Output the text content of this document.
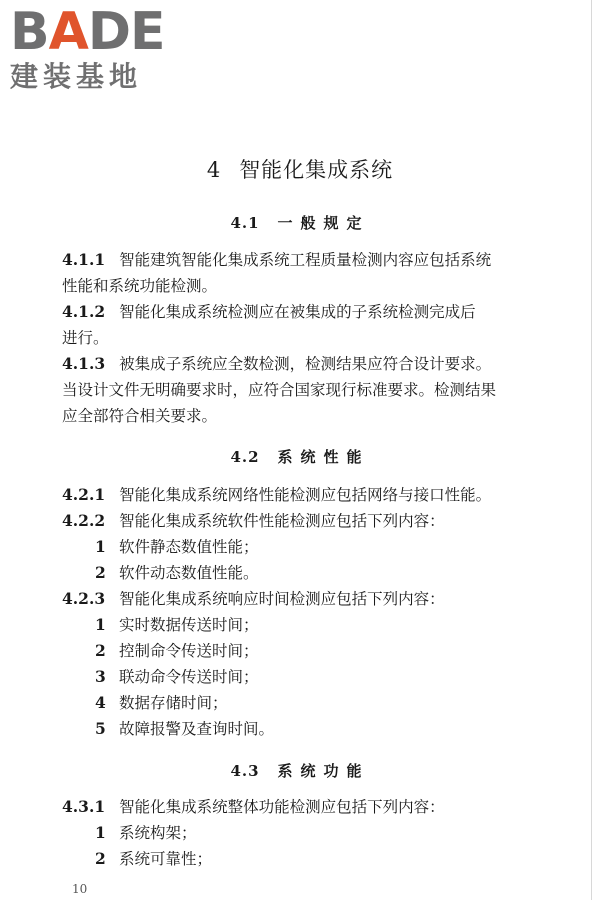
BADE
建装基地
4 智能化集成系统
4.1 一般规定
4.1.1 智能建筑智能化集成系统工程质量检测内容应包括系统
性能和系统功能检测。
4.1.2 智能化集成系统检测应在被集成的子系统检测完成后
进行。
4.1.3 被集成子系统应全数检测，检测结果应符合设计要求。
当设计文件无明确要求时，应符合国家现行标准要求。检测结果
应全部符合相关要求。
4.2 系统性能
4.2.1 智能化集成系统网络性能检测应包括网络与接口性能。
4.2.2 智能化集成系统软件性能检测应包括下列内容：
1 软件静态数值性能；
2 软件动态数值性能。
4.2.3 智能化集成系统响应时间检测应包括下列内容：
1 实时数据传送时间；
2 控制命令传送时间；
3 联动命令传送时间；
4 数据存储时间；
5 故障报警及查询时间。
4.3 系统功能
4.3.1 智能化集成系统整体功能检测应包括下列内容：
1 系统构架；
2 系统可靠性；
10
